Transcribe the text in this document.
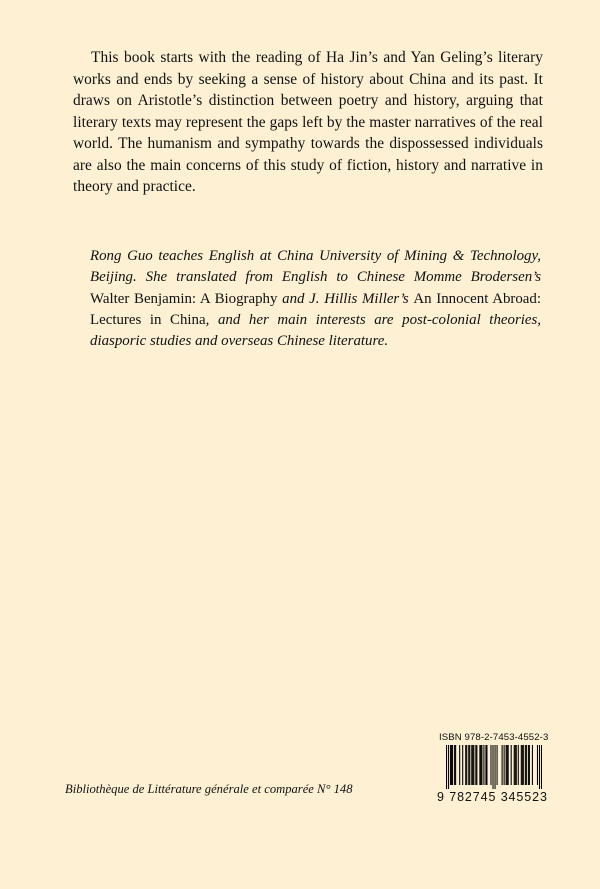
This book starts with the reading of Ha Jin’s and Yan Geling’s literary works and ends by seeking a sense of history about China and its past. It draws on Aristotle’s distinction between poetry and history, arguing that literary texts may represent the gaps left by the master narratives of the real world. The humanism and sympathy towards the dispossessed individuals are also the main concerns of this study of fiction, history and narrative in theory and practice.

Rong Guo teaches English at China University of Mining & Technology, Beijing. She translated from English to Chinese Momme Brodersen’s Walter Benjamin: A Biography and J. Hillis Miller’s An Innocent Abroad: Lectures in China, and her main interests are post-colonial theories, diasporic studies and overseas Chinese literature.

Bibliothèque de Littérature générale et comparée N° 148

ISBN 978-2-7453-4552-3
9 782745 345523
